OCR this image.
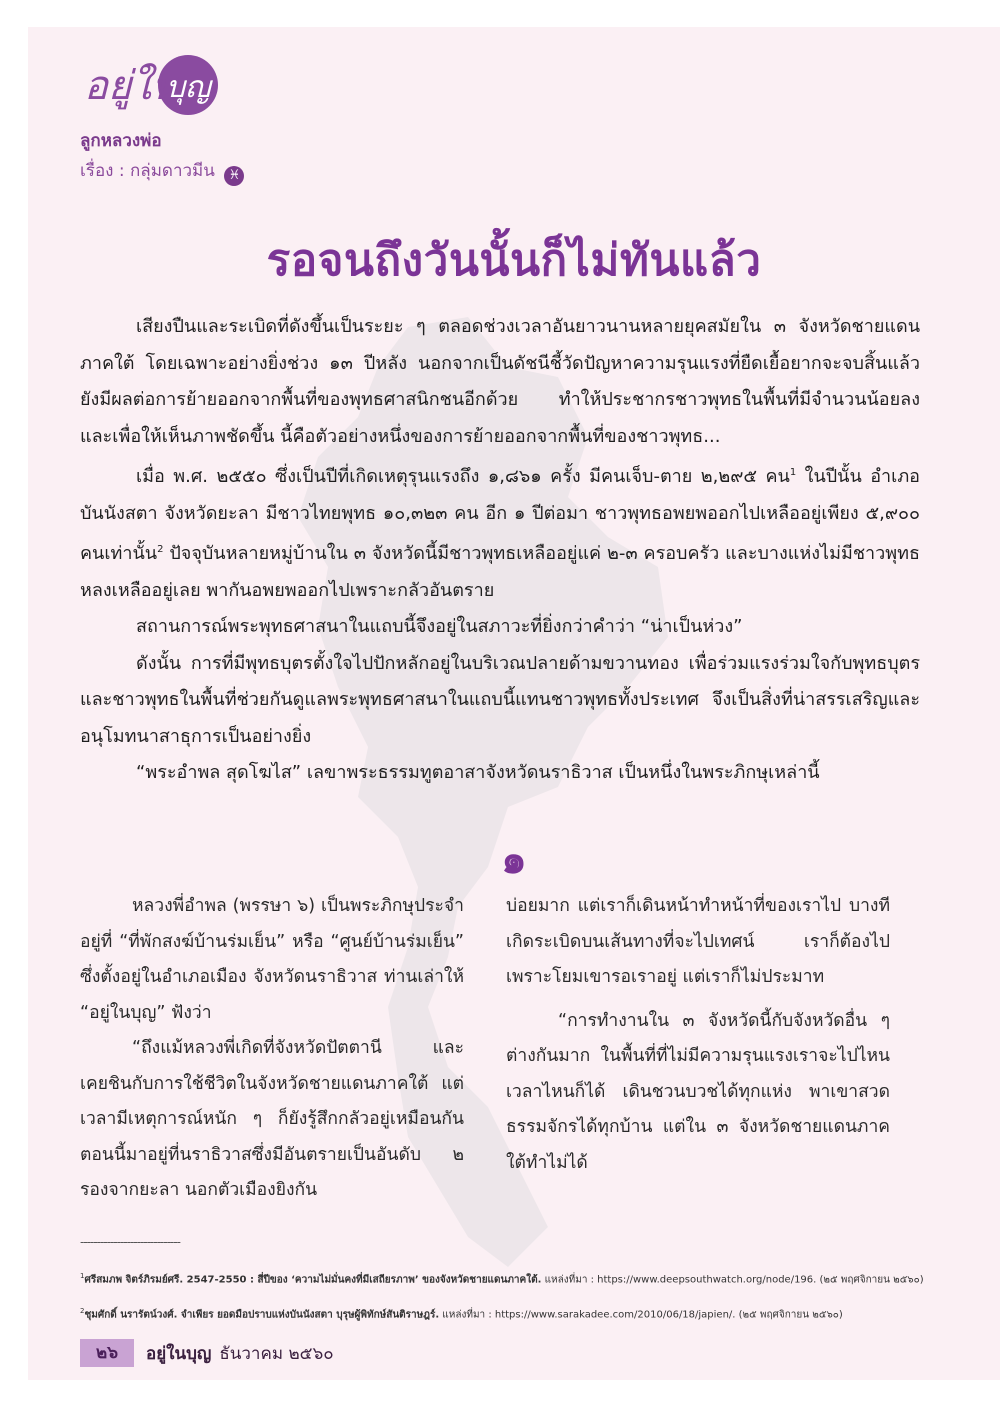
อยู่ใน
บุญ
ลูกหลวงพ่อ
เรื่อง : กลุ่มดาวมีน ♓
รอจนถึงวันนั้นก็ไม่ทันแล้ว

เสียงปืนและระเบิดที่ดังขึ้นเป็นระยะ ๆ ตลอดช่วงเวลาอันยาวนานหลายยุคสมัยใน ๓ จังหวัดชายแดนภาคใต้ โดยเฉพาะอย่างยิ่งช่วง ๑๓ ปีหลัง นอกจากเป็นดัชนีชี้วัดปัญหาความรุนแรงที่ยืดเยื้อยากจะจบสิ้นแล้ว ยังมีผลต่อการย้ายออกจากพื้นที่ของพุทธศาสนิกชนอีกด้วย ทำให้ประชากรชาวพุทธในพื้นที่มีจำนวนน้อยลง และเพื่อให้เห็นภาพชัดขึ้น นี้คือตัวอย่างหนึ่งของการย้ายออกจากพื้นที่ของชาวพุทธ...

เมื่อ พ.ศ. ๒๕๕๐ ซึ่งเป็นปีที่เกิดเหตุรุนแรงถึง ๑,๘๖๑ ครั้ง มีคนเจ็บ-ตาย ๒,๒๙๕ คน$^1$ ในปีนั้น อำเภอบันนังสตา จังหวัดยะลา มีชาวไทยพุทธ ๑๐,๓๒๓ คน อีก ๑ ปีต่อมา ชาวพุทธอพยพออกไปเหลืออยู่เพียง ๕,๙๐๐ คนเท่านั้น$^2$ ปัจจุบันหลายหมู่บ้านใน ๓ จังหวัดนี้มีชาวพุทธเหลืออยู่แค่ ๒-๓ ครอบครัว และบางแห่งไม่มีชาวพุทธหลงเหลืออยู่เลย พากันอพยพออกไปเพราะกลัวอันตราย

สถานการณ์พระพุทธศาสนาในแถบนี้จึงอยู่ในสภาวะที่ยิ่งกว่าคำว่า “น่าเป็นห่วง”

ดังนั้น การที่มีพุทธบุตรตั้งใจไปปักหลักอยู่ในบริเวณปลายด้ามขวานทอง เพื่อร่วมแรงร่วมใจกับพุทธบุตรและชาวพุทธในพื้นที่ช่วยกันดูแลพระพุทธศาสนาในแถบนี้แทนชาวพุทธทั้งประเทศ จึงเป็นสิ่งที่น่าสรรเสริญและอนุโมทนาสาธุการเป็นอย่างยิ่ง

“พระอำพล สุดโฆไส” เลขาพระธรรมทูตอาสาจังหวัดนราธิวาส เป็นหนึ่งในพระภิกษุเหล่านี้

๑

หลวงพี่อำพล (พรรษา ๖) เป็นพระภิกษุประจำอยู่ที่ “ที่พักสงฆ์บ้านร่มเย็น” หรือ “ศูนย์บ้านร่มเย็น” ซึ่งตั้งอยู่ในอำเภอเมือง จังหวัดนราธิวาส ท่านเล่าให้ “อยู่ในบุญ” ฟังว่า

“ถึงแม้หลวงพี่เกิดที่จังหวัดปัตตานี และเคยชินกับการใช้ชีวิตในจังหวัดชายแดนภาคใต้ แต่เวลามีเหตุการณ์หนัก ๆ ก็ยังรู้สึกกลัวอยู่เหมือนกัน ตอนนี้มาอยู่ที่นราธิวาสซึ่งมีอันตรายเป็นอันดับ ๒ รองจากยะลา นอกตัวเมืองยิงกัน

บ่อยมาก แต่เราก็เดินหน้าทำหน้าที่ของเราไป บางทีเกิดระเบิดบนเส้นทางที่จะไปเทศน์ เราก็ต้องไป เพราะโยมเขารอเราอยู่ แต่เราก็ไม่ประมาท

“การทำงานใน ๓ จังหวัดนี้กับจังหวัดอื่น ๆ ต่างกันมาก ในพื้นที่ที่ไม่มีความรุนแรงเราจะไปไหนเวลาไหนก็ได้ เดินชวนบวชได้ทุกแห่ง พาเขาสวดธรรมจักรได้ทุกบ้าน แต่ใน ๓ จังหวัดชายแดนภาคใต้ทำไม่ได้

------------------------------
$^1$ศรีสมภพ จิตร์ภิรมย์ศรี. 2547-2550 : สี่ปีของ ‘ความไม่มั่นคงที่มีเสถียรภาพ’ ของจังหวัดชายแดนภาคใต้. แหล่งที่มา : https://www.deepsouthwatch.org/node/196. (๒๕ พฤศจิกายน ๒๕๖๐)
$^2$ชุมศักดิ์ นรารัตน์วงศ์. จำเพียร ยอดมือปราบแห่งบันนังสตา บุรุษผู้พิทักษ์สันติราษฎร์. แหล่งที่มา : https://www.sarakadee.com/2010/06/18/japien/. (๒๕ พฤศจิกายน ๒๕๖๐)
๒๖	อยู่ในบุญ ธันวาคม ๒๕๖๐
